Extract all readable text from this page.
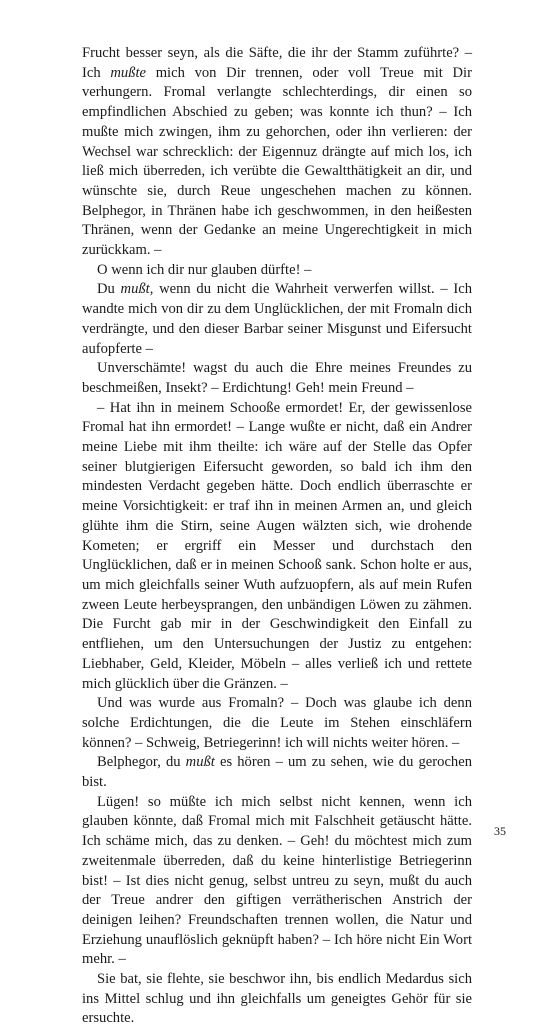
Frucht besser seyn, als die Säfte, die ihr der Stamm zuführte? – Ich mußte mich von Dir trennen, oder voll Treue mit Dir verhungern. Fromal verlangte schlechterdings, dir einen so empfindlichen Abschied zu geben; was konnte ich thun? – Ich mußte mich zwingen, ihm zu gehorchen, oder ihn verlieren: der Wechsel war schrecklich: der Eigennuz drängte auf mich los, ich ließ mich überreden, ich verübte die Gewaltthätigkeit an dir, und wünschte sie, durch Reue ungeschehen machen zu können. Belphegor, in Thränen habe ich geschwommen, in den heißesten Thränen, wenn der Gedanke an meine Ungerechtigkeit in mich zurückkam. –

O wenn ich dir nur glauben dürfte! –

Du mußt, wenn du nicht die Wahrheit verwerfen willst. – Ich wandte mich von dir zu dem Unglücklichen, der mit Fromaln dich verdrängte, und den dieser Barbar seiner Misgunst und Eifersucht aufopferte –

Unverschämte! wagst du auch die Ehre meines Freundes zu beschmeißen, Insekt? – Erdichtung! Geh! mein Freund –

– Hat ihn in meinem Schooße ermordet! Er, der gewissenlose Fromal hat ihn ermordet! – Lange wußte er nicht, daß ein Andrer meine Liebe mit ihm theilte: ich wäre auf der Stelle das Opfer seiner blutgierigen Eifersucht geworden, so bald ich ihm den mindesten Verdacht gegeben hätte. Doch endlich überraschte er meine Vorsichtigkeit: er traf ihn in meinen Armen an, und gleich glühte ihm die Stirn, seine Augen wälzten sich, wie drohende Kometen; er ergriff ein Messer und durchstach den Unglücklichen, daß er in meinen Schooß sank. Schon holte er aus, um mich gleichfalls seiner Wuth aufzuopfern, als auf mein Rufen zween Leute herbeysprangen, den unbändigen Löwen zu zähmen. Die Furcht gab mir in der Geschwindigkeit den Einfall zu entfliehen, um den Untersuchungen der Justiz zu entgehen: Liebhaber, Geld, Kleider, Möbeln – alles verließ ich und rettete mich glücklich über die Gränzen. –

Und was wurde aus Fromaln? – Doch was glaube ich denn solche Erdichtungen, die die Leute im Stehen einschläfern können? – Schweig, Betriegerinn! ich will nichts weiter hören. –

Belphegor, du mußt es hören – um zu sehen, wie du gerochen bist.

Lügen! so müßte ich mich selbst nicht kennen, wenn ich glauben könnte, daß Fromal mich mit Falschheit getäuscht hätte. Ich schäme mich, das zu denken. – Geh! du möchtest mich zum zweitenmale überreden, daß du keine hinterlistige Betriegerinn bist! – Ist dies nicht genug, selbst untreu zu seyn, mußt du auch der Treue andrer den giftigen verrätherischen Anstrich der deinigen leihen? Freundschaften trennen wollen, die Natur und Erziehung unauflöslich geknüpft haben? – Ich höre nicht Ein Wort mehr. –

Sie bat, sie flehte, sie beschwor ihn, bis endlich Medardus sich ins Mittel schlug und ihn gleichfalls um geneigtes Gehör für sie ersuchte.

35
